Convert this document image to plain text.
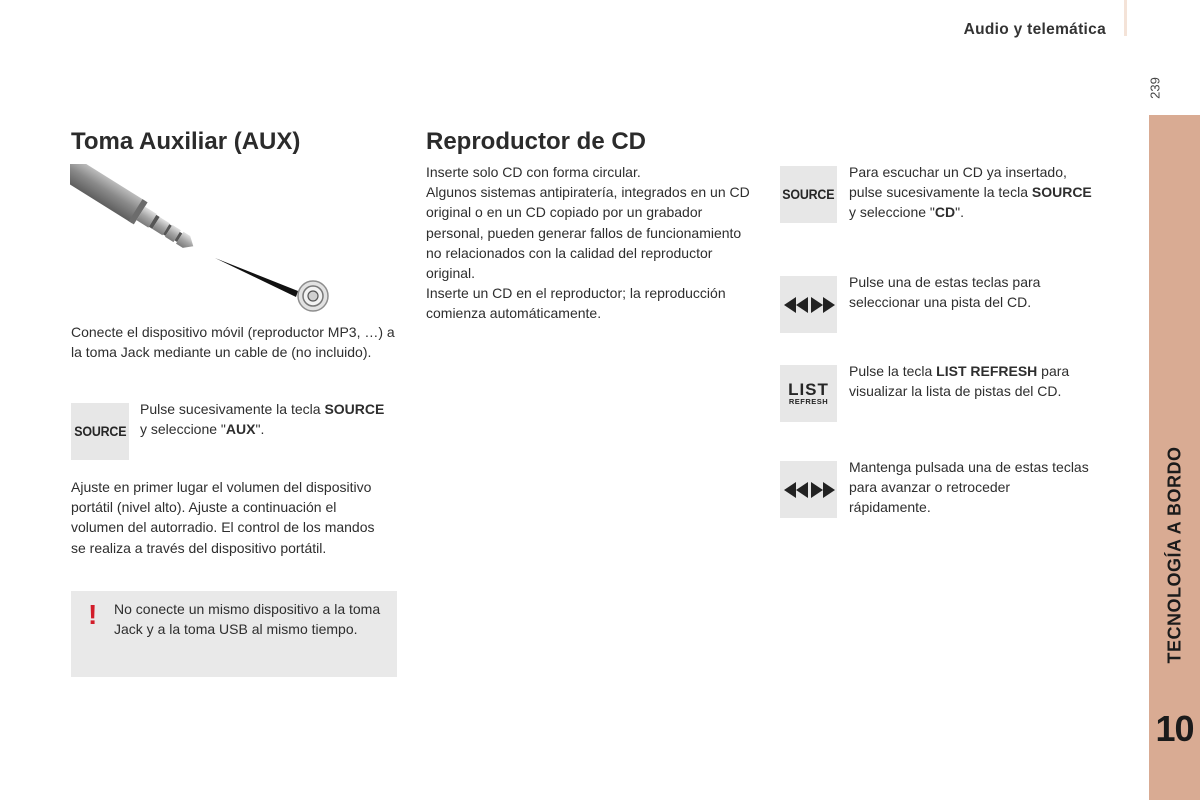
Audio y telemática
239
TECNOLOGÍA A BORDO
10
Toma Auxiliar (AUX)

Conecte el dispositivo móvil (reproductor MP3, …) a la toma Jack mediante un cable de (no incluido).

SOURCE

Pulse sucesivamente la tecla SOURCE y seleccione "AUX".

Ajuste en primer lugar el volumen del dispositivo portátil (nivel alto). Ajuste a continuación el volumen del autorradio. El control de los mandos se realiza a través del dispositivo portátil.

! No conecte un mismo dispositivo a la toma Jack y a la toma USB al mismo tiempo.

Reproductor de CD

Inserte solo CD con forma circular.
Algunos sistemas antipiratería, integrados en un CD original o en un CD copiado por un grabador personal, pueden generar fallos de funcionamiento no relacionados con la calidad del reproductor original.
Inserte un CD en el reproductor; la reproducción comienza automáticamente.

SOURCE

Para escuchar un CD ya insertado, pulse sucesivamente la tecla SOURCE y seleccione "CD".

Pulse una de estas teclas para seleccionar una pista del CD.

LIST
REFRESH

Pulse la tecla LIST REFRESH para visualizar la lista de pistas del CD.

Mantenga pulsada una de estas teclas para avanzar o retroceder rápidamente.
